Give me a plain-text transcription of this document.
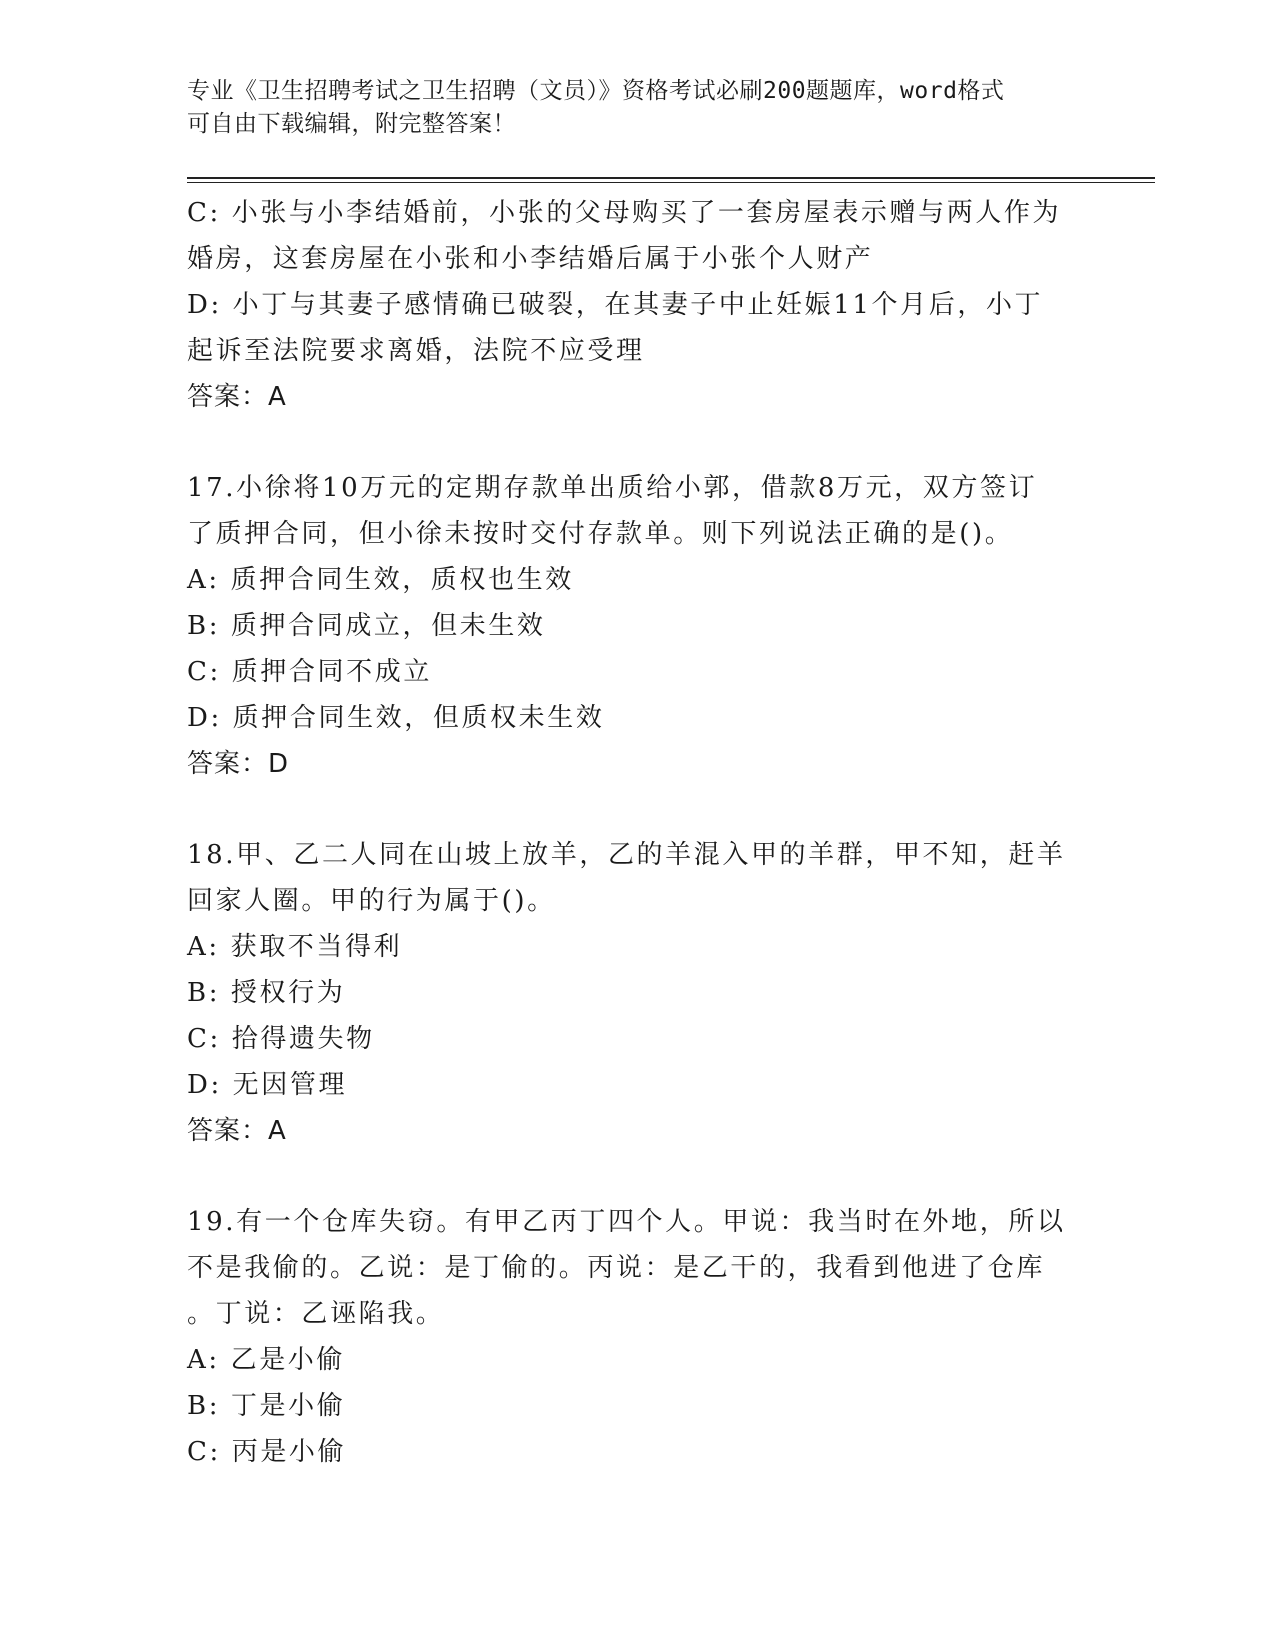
专业《卫生招聘考试之卫生招聘（文员）》资格考试必刷200题题库，word格式
可自由下载编辑，附完整答案！
C: 小张与小李结婚前，小张的父母购买了一套房屋表示赠与两人作为
婚房，这套房屋在小张和小李结婚后属于小张个人财产
D: 小丁与其妻子感情确已破裂，在其妻子中止妊娠11个月后，小丁
起诉至法院要求离婚，法院不应受理
答案：A
17.小徐将10万元的定期存款单出质给小郭，借款8万元，双方签订
了质押合同，但小徐未按时交付存款单。则下列说法正确的是()。
A: 质押合同生效，质权也生效
B: 质押合同成立，但未生效
C: 质押合同不成立
D: 质押合同生效，但质权未生效
答案：D
18.甲、乙二人同在山坡上放羊，乙的羊混入甲的羊群，甲不知，赶羊
回家人圈。甲的行为属于()。
A: 获取不当得利
B: 授权行为
C: 拾得遗失物
D: 无因管理
答案：A
19.有一个仓库失窃。有甲乙丙丁四个人。甲说：我当时在外地，所以
不是我偷的。乙说：是丁偷的。丙说：是乙干的，我看到他进了仓库
。丁说：乙诬陷我。
A: 乙是小偷
B: 丁是小偷
C: 丙是小偷
